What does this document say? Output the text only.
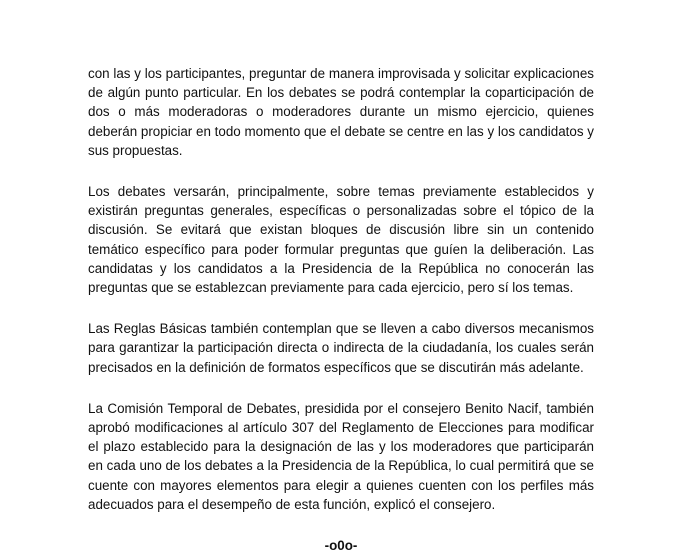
con las y los participantes, preguntar de manera improvisada y solicitar explicaciones de algún punto particular. En los debates se podrá contemplar la coparticipación de dos o más moderadoras o moderadores durante un mismo ejercicio, quienes deberán propiciar en todo momento que el debate se centre en las y los candidatos y sus propuestas.

Los debates versarán, principalmente, sobre temas previamente establecidos y existirán preguntas generales, específicas o personalizadas sobre el tópico de la discusión. Se evitará que existan bloques de discusión libre sin un contenido temático específico para poder formular preguntas que guíen la deliberación. Las candidatas y los candidatos a la Presidencia de la República no conocerán las preguntas que se establezcan previamente para cada ejercicio, pero sí los temas.

Las Reglas Básicas también contemplan que se lleven a cabo diversos mecanismos para garantizar la participación directa o indirecta de la ciudadanía, los cuales serán precisados en la definición de formatos específicos que se discutirán más adelante.

La Comisión Temporal de Debates, presidida por el consejero Benito Nacif, también aprobó modificaciones al artículo 307 del Reglamento de Elecciones para modificar el plazo establecido para la designación de las y los moderadores que participarán en cada uno de los debates a la Presidencia de la República, lo cual permitirá que se cuente con mayores elementos para elegir a quienes cuenten con los perfiles más adecuados para el desempeño de esta función, explicó el consejero.

-o0o-
